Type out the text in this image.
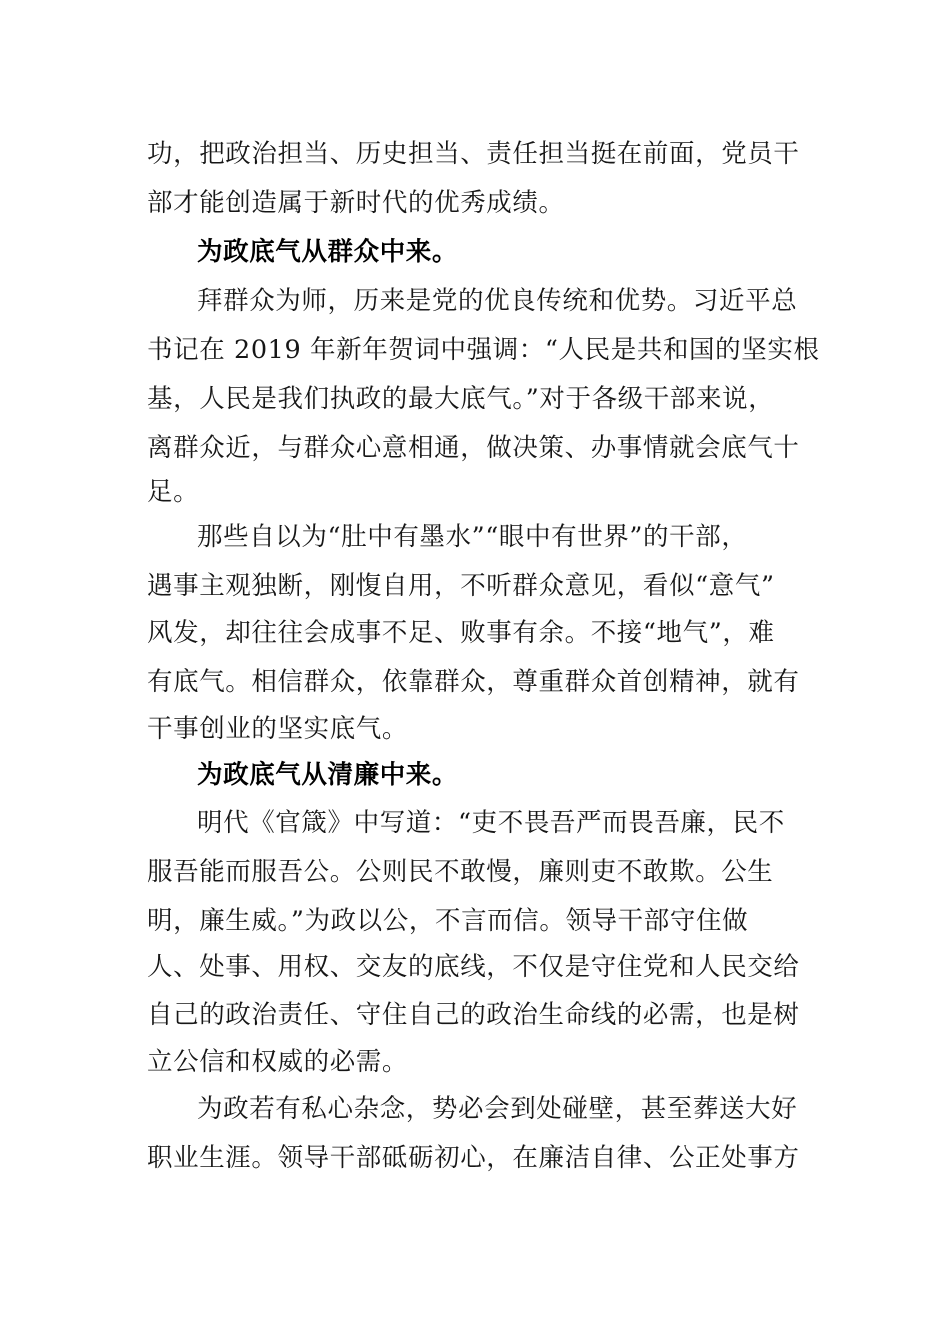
功，把政治担当、历史担当、责任担当挺在前面，党员干
部才能创造属于新时代的优秀成绩。
为政底气从群众中来。
拜群众为师，历来是党的优良传统和优势。习近平总
书记在 2019 年新年贺词中强调：“人民是共和国的坚实根
基，人民是我们执政的最大底气。”对于各级干部来说，
离群众近，与群众心意相通，做决策、办事情就会底气十
足。
那些自以为“肚中有墨水”“眼中有世界”的干部，
遇事主观独断，刚愎自用，不听群众意见，看似“意气”
风发，却往往会成事不足、败事有余。不接“地气”，难
有底气。相信群众，依靠群众，尊重群众首创精神，就有
干事创业的坚实底气。
为政底气从清廉中来。
明代《官箴》中写道：“吏不畏吾严而畏吾廉，民不
服吾能而服吾公。公则民不敢慢，廉则吏不敢欺。公生
明，廉生威。”为政以公，不言而信。领导干部守住做
人、处事、用权、交友的底线，不仅是守住党和人民交给
自己的政治责任、守住自己的政治生命线的必需，也是树
立公信和权威的必需。
为政若有私心杂念，势必会到处碰壁，甚至葬送大好
职业生涯。领导干部砥砺初心，在廉洁自律、公正处事方
